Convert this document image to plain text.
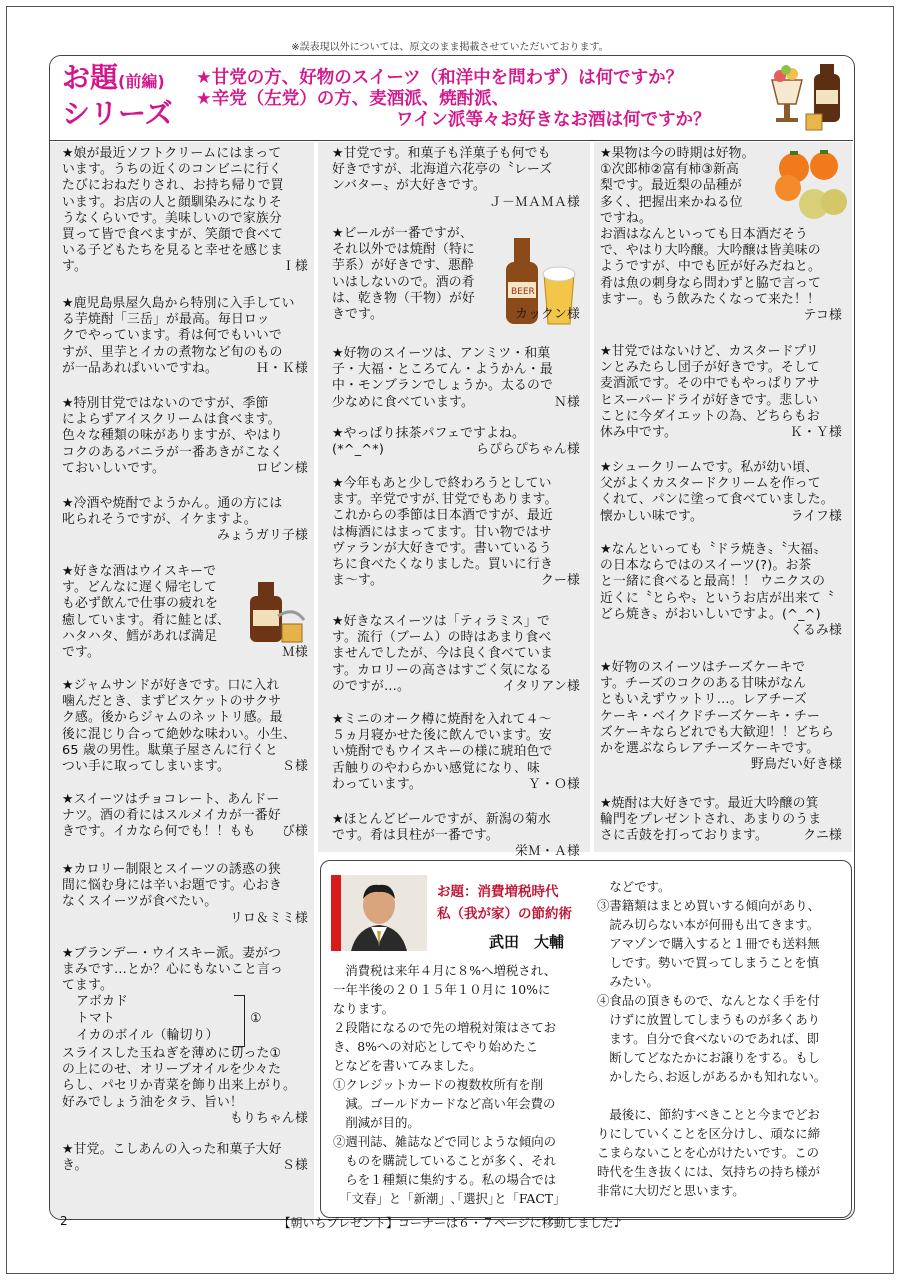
※誤表現以外については、原文のまま掲載させていただいております。
お題(前編)
シリーズ
★甘党の方、好物のスイーツ（和洋中を問わず）は何ですか？
★辛党（左党）の方、麦酒派、焼酎派、
ワイン派等々お好きなお酒は何ですか？
BEER

★娘が最近ソフトクリームにはまって

います。うちの近くのコンビニに行く

たびにおねだりされ、お持ち帰りで買

います。お店の人と顔馴染みになりそ

うなくらいです。美味しいので家族分

買って皆で食べますが、笑顔で食べて

いる子どもたちを見ると幸せを感じま

す。	Ｉ様

★鹿児島県屋久島から特別に入手してい

る芋焼酎「三岳」が最高。毎日ロッ

クでやっています。肴は何でもいいで

すが、里芋とイカの煮物など旬のもの

が一品あればいいですね。	Ｈ・Ｋ様

★特別甘党ではないのですが、季節

によらずアイスクリームは食べます。

色々な種類の味がありますが、やはり

コクのあるバニラが一番あきがこなく

ておいしいです。	ロビン様

★冷酒や焼酎でようかん。通の方には

叱られそうですが、イケますよ。

みょうガリ子様

★好きな酒はウイスキーで

す。どんなに遅く帰宅して

も必ず飲んで仕事の疲れを

癒しています。肴に鮭とば、

ハタハタ、鱈があれば満足

です。	Ｍ様

★ジャムサンドが好きです。口に入れ

噛んだとき、まずビスケットのサクサ

ク感。後からジャムのネットリ感。最

後に混じり合って絶妙な味わい。小生、

65 歳の男性。駄菓子屋さんに行くと

つい手に取ってしまいます。	Ｓ様

★スイーツはチョコレート、あんドー

ナツ。酒の肴にはスルメイカが一番好

きです。イカなら何でも！！もも び様

★カロリー制限とスイーツの誘惑の狭

間に悩む身には辛いお題です。心おき

なくスイーツが食べたい。

リロ＆ミミ様

★ブランデー・ウイスキー派。妻がつ

まみです…とか？心にもないこと言っ

てます。

スライスした玉ねぎを薄めに切った①

の上にのせ、オリーブオイルを少々た

らし、パセリか青菜を飾り出来上がり。

好みでしょう油をタラ、旨い！

もりちゃん様

★甘党。こしあんの入った和菓子大好

き。	Ｓ様

★甘党です。和菓子も洋菓子も何でも

好きですが、北海道六花亭の〝レーズ

ンバター〟が大好きです。

Ｊ－ＭＡＭＡ様

★ビールが一番ですが、

それ以外では焼酎（特に

芋系）が好きです、悪酔

いはしないので。酒の肴

は、乾き物（干物）が好

きです。	カックン様

★好物のスイーツは、アンミツ・和菓

子・大福・ところてん・ようかん・最

中・モンブランでしょうか。太るので

少なめに食べています。	Ｎ様

★やっぱり抹茶パフェですよね。

(*^_^*)	らぴらぴちゃん様

★今年もあと少しで終わろうとしてい

ます。辛党ですが､甘党でもあります。

これからの季節は日本酒ですが、最近

は梅酒にはまってます。甘い物ではサ

ヴァランが大好きです。書いているう

ちに食べたくなりました。買いに行き

ま～す。	クー様

★好きなスイーツは「ティラミス」で

す。流行（ブーム）の時はあまり食べ

ませんでしたが、今は良く食べていま

す。カロリーの高さはすごく気になる

のですが…。	イタリアン様

★ミニのオーク樽に焼酎を入れて４～

５ヵ月寝かせた後に飲んでいます。安

い焼酎でもウイスキーの様に琥珀色で

舌触りのやわらかい感覚になり、味

わっています。	Ｙ・Ｏ様

★ほとんどビールですが、新潟の菊水

です。肴は貝柱が一番です。

栄Ｍ・Ａ様

★果物は今の時期は好物。

①次郎柿②富有柿③新高

梨です。最近梨の品種が

多く、把握出来かねる位

ですね。

お酒はなんといっても日本酒だそう

で、やはり大吟醸。大吟醸は皆美味の

ようですが、中でも匠が好みだねと。

肴は魚の刺身なら問わずと脇で言って

ますー。もう飲みたくなって来た！！

テコ様

★甘党ではないけど、カスタードプリ

ンとみたらし団子が好きです。そして

麦酒派です。その中でもやっぱりアサ

ヒスーパードライが好きです。悲しい

ことに今ダイエットの為、どちらもお

休み中です。	Ｋ・Ｙ様

★シュークリームです。私が幼い頃、

父がよくカスタードクリームを作って

くれて、パンに塗って食べていました。

懐かしい味です。	ライフ様

★なんといっても〝ドラ焼き〟〝大福〟

の日本ならではのスイーツ(?)。お茶

と一緒に食べると最高！！ ウニクスの

近くに〝とらや〟というお店が出来て〝

どら焼き〟がおいしいですよ。(^_^)

くるみ様

★好物のスイーツはチーズケーキで

す。チーズのコクのある甘味がなん

ともいえずウットリ…。レアチーズ

ケーキ・ベイクドチーズケーキ・チー

ズケーキならどれでも大歓迎！！どちら

かを選ぶならレアチーズケーキです。

野鳥だい好き様

★焼酎は大好きです。最近大吟醸の箕

輪門をプレゼントされ、あまりのうま

さに舌鼓を打っております。	クニ様

アボカド

トマト

イカのボイル（輪切り）

①
お題：消費増税時代
私（我が家）の節約術
武田　大輔

　消費税は来年４月に８%へ増税され、

一年半後の２０１５年１０月に 10%に

なります。

２段階になるので先の増税対策はさてお

き、8%への対応としてやり始めたこ

となどを書いてみました。

①クレジットカードの複数枚所有を削

　減。ゴールドカードなど高い年会費の

　削減が目的。

②週刊誌、雑誌などで同じような傾向の

　ものを購読していることが多く、それ

　らを１種類に集約する。私の場合では

　「文春」と「新潮」､｢選択｣と「FACT」

　などです。

③書籍類はまとめ買いする傾向があり、

　読み切らない本が何冊も出てきます。

　アマゾンで購入すると１冊でも送料無

　しです。勢いで買ってしまうことを慎

　みたい。

④食品の頂きもので、なんとなく手を付

　けずに放置してしまうものが多くあり

　ます。自分で食べないのであれば、即

　断してどなたかにお譲りをする。もし

　かしたら､お返しがあるかも知れない。

　最後に、節約すべきことと今までどお

りにしていくことを区分けし、頑なに締

こまらないことを心がけたいです。この

時代を生き抜くには、気持ちの持ち様が

非常に大切だと思います。

2	【朝いちプレゼント】コーナーは６・７ページに移動しました♪
